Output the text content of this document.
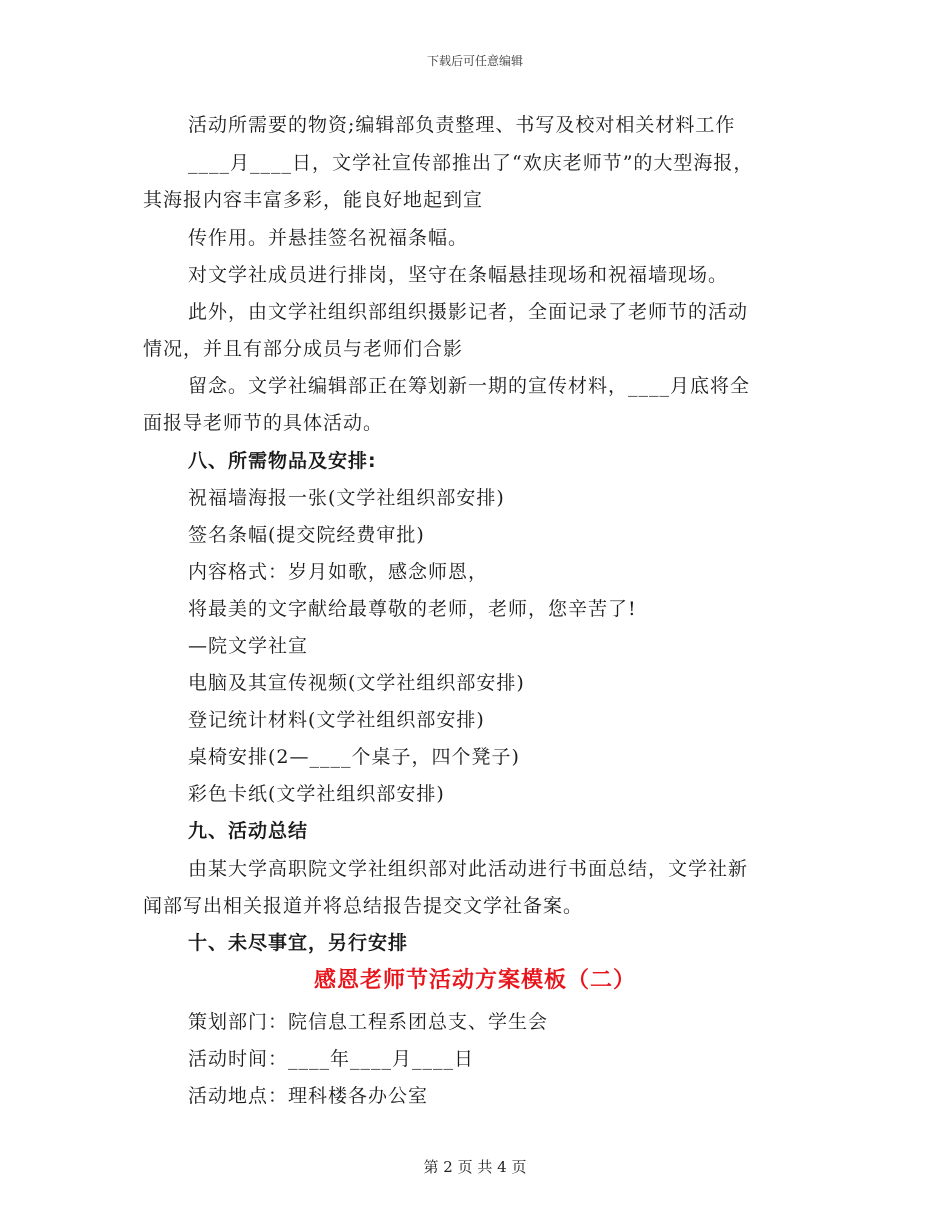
下载后可任意编辑
活动所需要的物资;编辑部负责整理、书写及校对相关材料工作
____月____日，文学社宣传部推出了“欢庆老师节”的大型海报，
其海报内容丰富多彩，能良好地起到宣
传作用。并悬挂签名祝福条幅。
对文学社成员进行排岗，坚守在条幅悬挂现场和祝福墙现场。
此外，由文学社组织部组织摄影记者，全面记录了老师节的活动
情况，并且有部分成员与老师们合影
留念。文学社编辑部正在筹划新一期的宣传材料，____月底将全
面报导老师节的具体活动。
八、所需物品及安排:
祝福墙海报一张(文学社组织部安排)
签名条幅(提交院经费审批)
内容格式：岁月如歌，感念师恩，
将最美的文字献给最尊敬的老师，老师，您辛苦了!
—院文学社宣
电脑及其宣传视频(文学社组织部安排)
登记统计材料(文学社组织部安排)
桌椅安排(2—____个桌子，四个凳子)
彩色卡纸(文学社组织部安排)
九、活动总结
由某大学高职院文学社组织部对此活动进行书面总结，文学社新
闻部写出相关报道并将总结报告提交文学社备案。
十、未尽事宜，另行安排
感恩老师节活动方案模板（二）
策划部门：院信息工程系团总支、学生会
活动时间：____年____月____日
活动地点：理科楼各办公室
第 2 页 共 4 页
